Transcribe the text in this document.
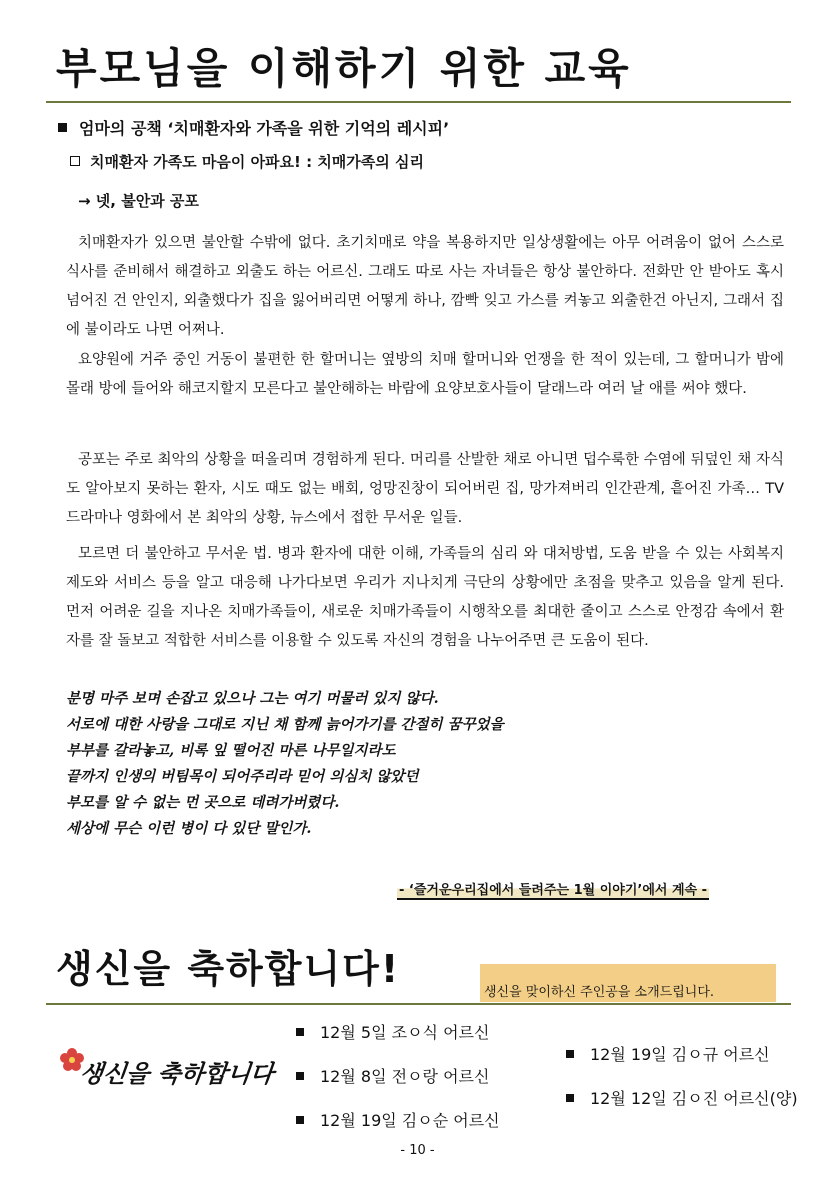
부모님을 이해하기 위한 교육
엄마의 공책 ‘치매환자와 가족을 위한 기억의 레시피’
치매환자 가족도 마음이 아파요! : 치매가족의 심리
→ 넷, 불안과 공포

치매환자가 있으면 불안할 수밖에 없다. 초기치매로 약을 복용하지만 일상생활에는 아무 어려움이 없어 스스로 식사를 준비해서 해결하고 외출도 하는 어르신. 그래도 따로 사는 자녀들은 항상 불안하다. 전화만 안 받아도 혹시 넘어진 건 안인지, 외출했다가 집을 잃어버리면 어떻게 하나, 깜빡 잊고 가스를 켜놓고 외출한건 아닌지, 그래서 집에 불이라도 나면 어쩌나.

요양원에 거주 중인 거동이 불편한 한 할머니는 옆방의 치매 할머니와 언쟁을 한 적이 있는데, 그 할머니가 밤에 몰래 방에 들어와 해코지할지 모른다고 불안해하는 바람에 요양보호사들이 달래느라 여러 날 애를 써야 했다.

공포는 주로 최악의 상황을 떠올리며 경험하게 된다. 머리를 산발한 채로 아니면 덥수룩한 수염에 뒤덮인 채 자식도 알아보지 못하는 환자, 시도 때도 없는 배회, 엉망진창이 되어버린 집, 망가져버리 인간관계, 흩어진 가족… TV 드라마나 영화에서 본 최악의 상황, 뉴스에서 접한 무서운 일들.

모르면 더 불안하고 무서운 법. 병과 환자에 대한 이해, 가족들의 심리 와 대처방법, 도움 받을 수 있는 사회복지제도와 서비스 등을 알고 대응해 나가다보면 우리가 지나치게 극단의 상황에만 초점을 맞추고 있음을 알게 된다. 먼저 어려운 길을 지나온 치매가족들이, 새로운 치매가족들이 시행착오를 최대한 줄이고 스스로 안정감 속에서 환자를 잘 돌보고 적합한 서비스를 이용할 수 있도록 자신의 경험을 나누어주면 큰 도움이 된다.

분명 마주 보며 손잡고 있으나 그는 여기 머물러 있지 않다.
서로에 대한 사랑을 그대로 지닌 채 함께 늙어가기를 간절히 꿈꾸었을
부부를 갈라놓고, 비록 잎 떨어진 마른 나무일지라도
끝까지 인생의 버팀목이 되어주리라 믿어 의심치 않았던
부모를 알 수 없는 먼 곳으로 데려가버렸다.
세상에 무슨 이런 병이 다 있단 말인가.
- ‘즐거운우리집에서 들려주는 1월 이야기’에서 계속 -
생신을 축하합니다!
생신을 맞이하신 주인공을 소개드립니다.
생신을 축하합니다
12월 5일 조ㅇ식 어르신
12월 8일 전ㅇ랑 어르신
12월 19일 김ㅇ순 어르신
12월 19일 김ㅇ규 어르신
12월 12일 김ㅇ진 어르신(양)
- 10 -
